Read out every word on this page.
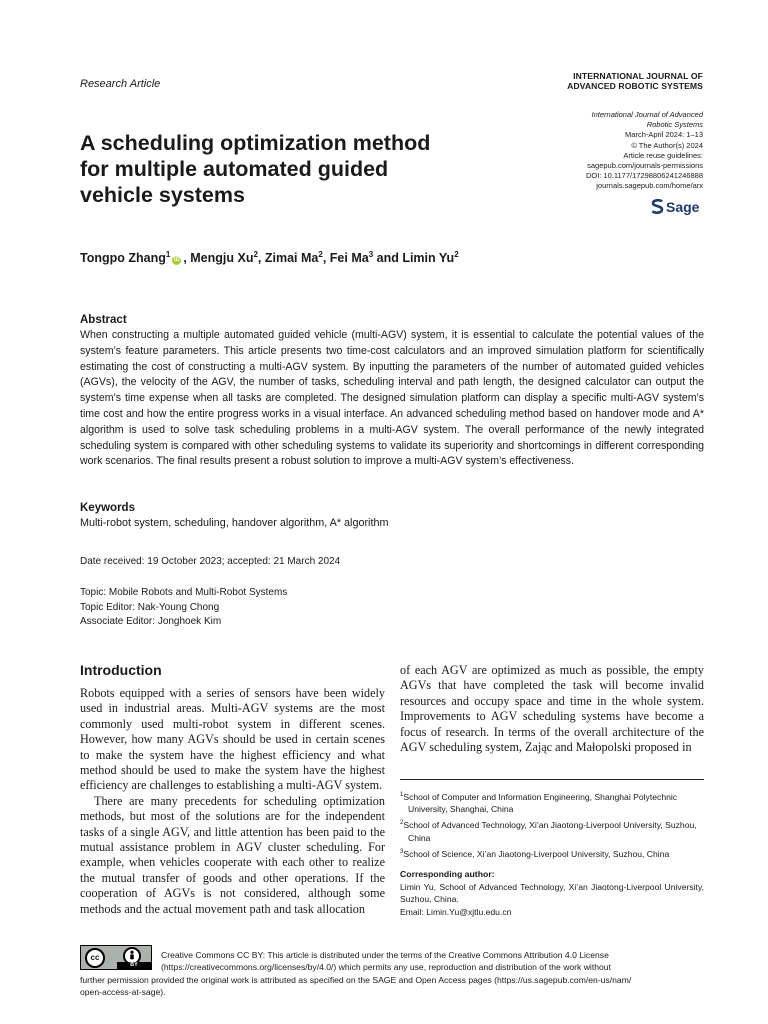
Research Article
INTERNATIONAL JOURNAL OF
ADVANCED ROBOTIC SYSTEMS
International Journal of Advanced
Robotic Systems
March-April 2024: 1–13
© The Author(s) 2024
Article reuse guidelines:
sagepub.com/journals-permissions
DOI: 10.1177/17298806241246888
journals.sagepub.com/home/arx
Sage
A scheduling optimization method
for multiple automated guided
vehicle systems
Tongpo Zhang$^1$iD , Mengju Xu$^2$, Zimai Ma$^2$, Fei Ma$^3$ and Limin Yu$^2$
Abstract
When constructing a multiple automated guided vehicle (multi-AGV) system, it is essential to calculate the potential values of the system’s feature parameters. This article presents two time-cost calculators and an improved simulation platform for scientifically estimating the cost of constructing a multi-AGV system. By inputting the parameters of the number of automated guided vehicles (AGVs), the velocity of the AGV, the number of tasks, scheduling interval and path length, the designed calculator can output the system’s time expense when all tasks are completed. The designed simulation platform can display a specific multi-AGV system’s time cost and how the entire progress works in a visual interface. An advanced scheduling method based on handover mode and A* algorithm is used to solve task scheduling problems in a multi-AGV system. The overall performance of the newly integrated scheduling system is compared with other scheduling systems to validate its superiority and shortcomings in different corresponding work scenarios. The final results present a robust solution to improve a multi-AGV system’s effectiveness.
Keywords
Multi-robot system, scheduling, handover algorithm, A* algorithm
Date received: 19 October 2023; accepted: 21 March 2024
Topic: Mobile Robots and Multi-Robot Systems
Topic Editor: Nak-Young Chong
Associate Editor: Jonghoek Kim
Introduction

Robots equipped with a series of sensors have been widely used in industrial areas. Multi-AGV systems are the most commonly used multi-robot system in different scenes. However, how many AGVs should be used in certain scenes to make the system have the highest efficiency and what method should be used to make the system have the highest efficiency are challenges to establishing a multi-AGV system.

There are many precedents for scheduling optimization methods, but most of the solutions are for the independent tasks of a single AGV, and little attention has been paid to the mutual assistance problem in AGV cluster scheduling. For example, when vehicles cooperate with each other to realize the mutual transfer of goods and other operations. If the cooperation of AGVs is not considered, although some methods and the actual movement path and task allocation

of each AGV are optimized as much as possible, the empty AGVs that have completed the task will become invalid resources and occupy space and time in the whole system. Improvements to AGV scheduling systems have become a focus of research. In terms of the overall architecture of the AGV scheduling system, Zając and Małopolski proposed in

$^1$School of Computer and Information Engineering, Shanghai Polytechnic University, Shanghai, China
$^2$School of Advanced Technology, Xi’an Jiaotong-Liverpool University, Suzhou, China
$^3$School of Science, Xi’an Jiaotong-Liverpool University, Suzhou, China
Corresponding author:
Limin Yu, School of Advanced Technology, Xi’an Jiaotong-Liverpool University, Suzhou, China.
Email: Limin.Yu@xjtlu.edu.cn
cc
BY
Creative Commons CC BY: This article is distributed under the terms of the Creative Commons Attribution 4.0 License
(https://creativecommons.org/licenses/by/4.0/) which permits any use, reproduction and distribution of the work without
further permission provided the original work is attributed as specified on the SAGE and Open Access pages (https://us.sagepub.com/en-us/nam/
open-access-at-sage).
